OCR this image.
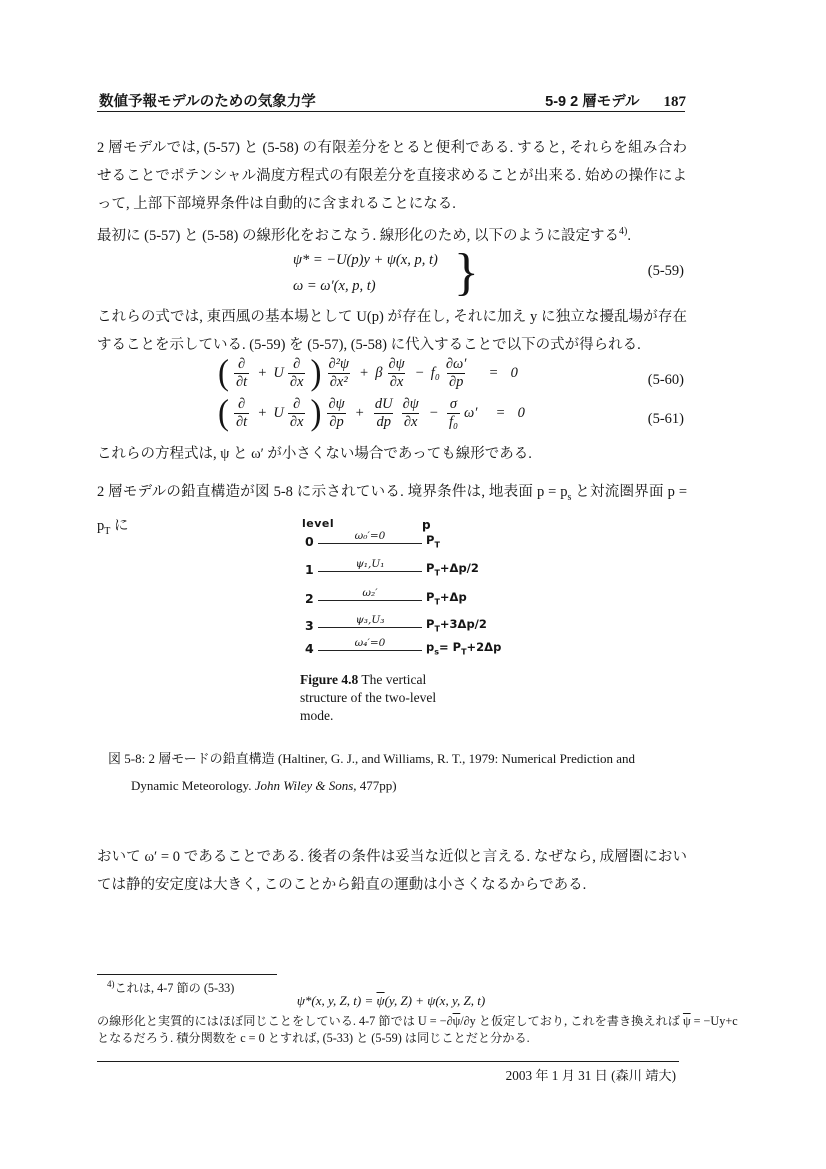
数値予報モデルのための気象力学	5-9 2 層モデル 187

2 層モデルでは, (5-57) と (5-58) の有限差分をとると便利である. すると, それらを組み合わせることでポテンシャル渦度方程式の有限差分を直接求めることが出来る. 始めの操作によって, 上部下部境界条件は自動的に含まれることになる.

最初に (5-57) と (5-58) の線形化をおこなう. 線形化のため, 以下のように設定する$^{4)}$.

ψ* = −U(p)y + ψ(x, p, t)
ω = ω′(x, p, t)	}	(5-59)

これらの式では, 東西風の基本場として U(p) が存在し, それに加え y に独立な擾乱場が存在することを示している. (5-59) を (5-57), (5-58) に代入することで以下の式が得られる.

( $\frac{\partial}{\partial t} + U \frac{\partial}{\partial x}$ ) $\frac{\text{∂²ψ}}{\text{∂x²}} + \beta \frac{\partial\psi}{\partial x} - f_0 \frac{\partial\omega'}{\partial p} = 0$	(5-60)
( $\frac{\partial}{\partial t} + U \frac{\partial}{\partial x}$ ) $\frac{\partial\psi}{\partial p} + \frac{dU}{dp} \frac{\partial\psi}{\partial x} - \frac{\sigma}{\text{f₀}} \omega' = 0$	(5-61)

これらの方程式は, ψ と ω′ が小さくない場合であっても線形である.

2 層モデルの鉛直構造が図 5-8 に示されている. 境界条件は, 地表面 $p = p_s$ と対流圏界面 $p = p_T$ に	level	p
0	ω₀′=0	$P_T$
1	ψ₁,U₁	$P_T+\Delta p/2$
2	ω₂′	$P_T+\Delta p$
3	ψ₃,U₃	$P_T+3\Delta p/2$
4	ω₄′=0	$p_s= P_T+2\Delta p$
Figure 4.8 The vertical
structure of the two-level
mode.
図 5-8: 2 層モードの鉛直構造 (Haltiner, G. J., and Williams, R. T., 1979: Numerical Prediction and
Dynamic Meteorology. John Wiley & Sons, 477pp)

おいて ω′ = 0 であることである. 後者の条件は妥当な近似と言える. なぜなら, 成層圏においては静的安定度は大きく, このことから鉛直の運動は小さくなるからである.

$^{4)}$これは, 4-7 節の (5-33)
ψ*(x, y, Z, $t) = \overline{\psi}(y$, Z) + ψ(x, y, Z, t)
の線形化と実質的にはほぼ同じことをしている. 4-7 節では $U = -\partial\overline{\psi}/\partial y$ と仮定しており, これを書き換えれば $\overline{\psi} = -Uy+c$
となるだろう. 積分関数を c = 0 とすれば, (5-33) と (5-59) は同じことだと分かる.
2003 年 1 月 31 日 (森川 靖大)
